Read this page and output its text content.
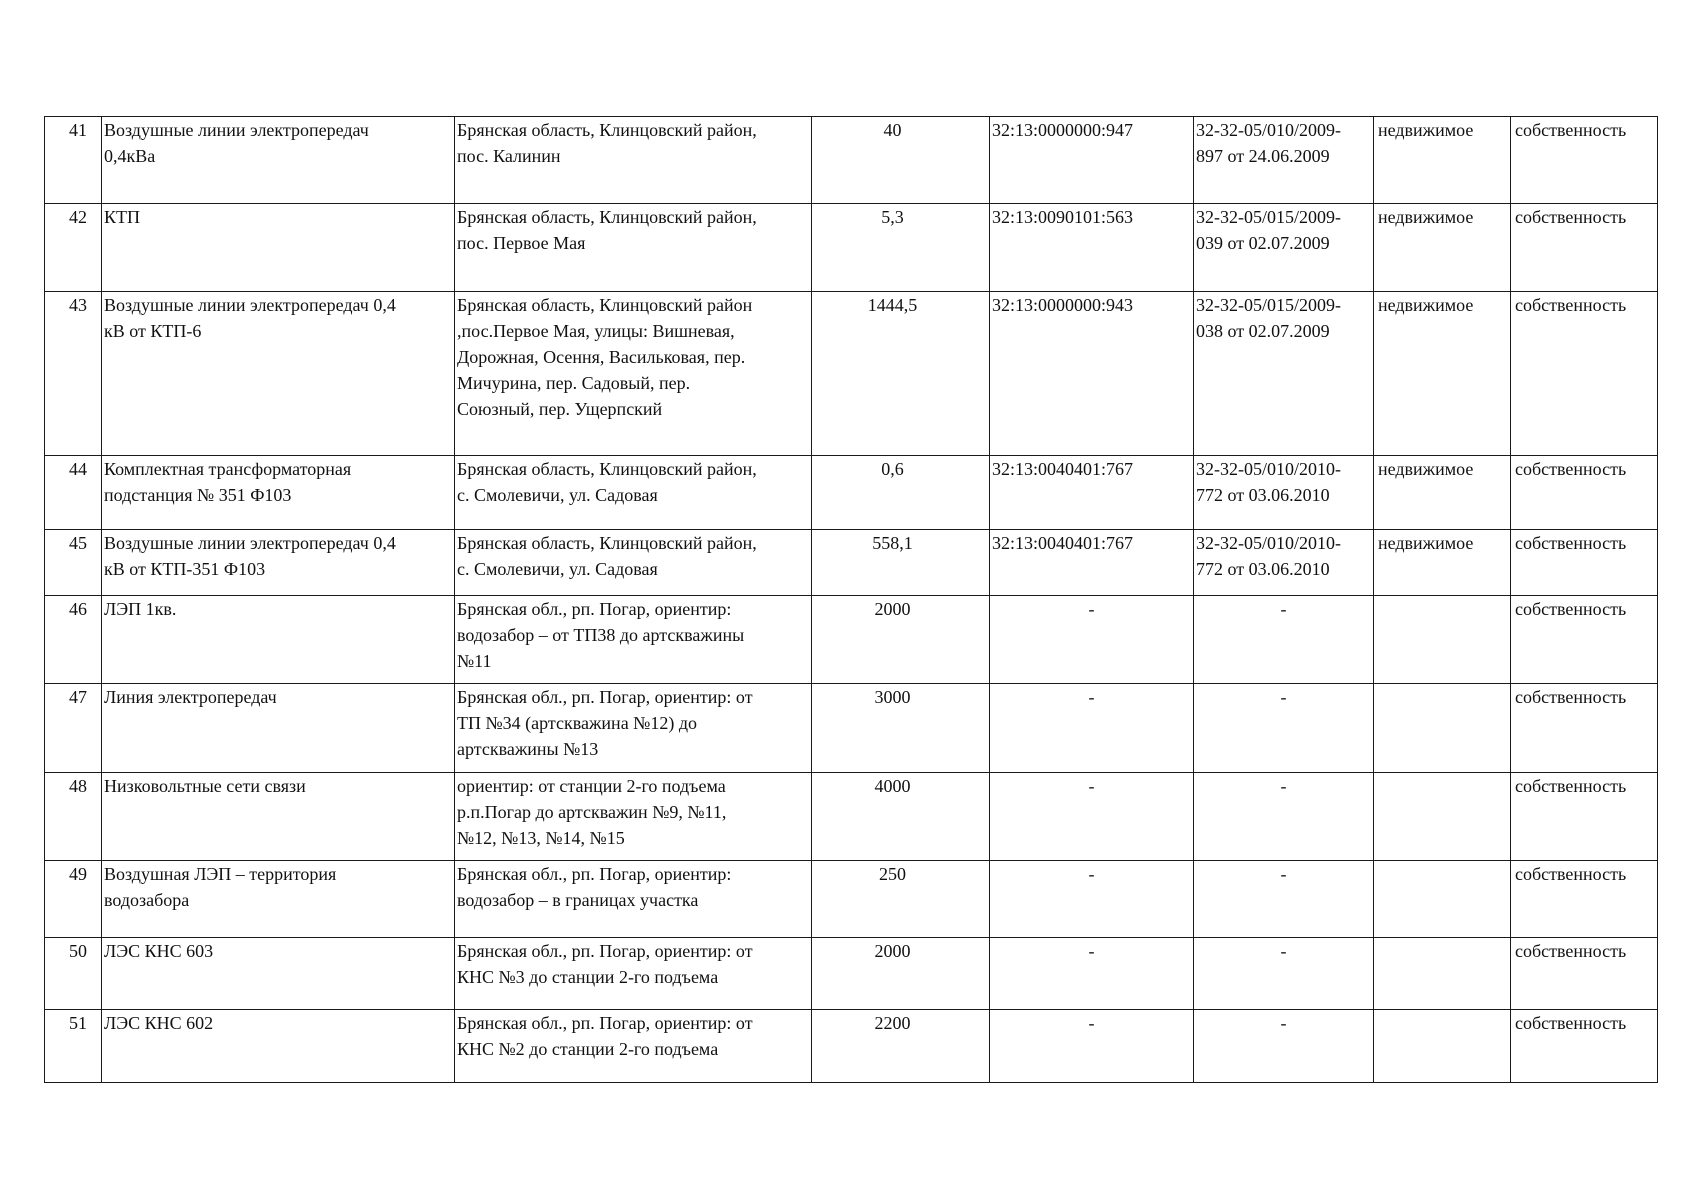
41	Воздушные линии электропередач
0,4кВа	Брянская область, Клинцовский район,
пос. Калинин	40	32:13:0000000:947	32-32-05/010/2009-
897 от 24.06.2009	недвижимое	собственность
42	КТП	Брянская область, Клинцовский район,
пос. Первое Мая	5,3	32:13:0090101:563	32-32-05/015/2009-
039 от 02.07.2009	недвижимое	собственность
43	Воздушные линии электропередач 0,4
кВ от КТП-6	Брянская область, Клинцовский район
,пос.Первое Мая, улицы: Вишневая,
Дорожная, Осення, Васильковая, пер.
Мичурина, пер. Садовый, пер.
Союзный, пер. Ущерпский	1444,5	32:13:0000000:943	32-32-05/015/2009-
038 от 02.07.2009	недвижимое	собственность
44	Комплектная трансформаторная
подстанция № 351 Ф103	Брянская область, Клинцовский район,
с. Смолевичи, ул. Садовая	0,6	32:13:0040401:767	32-32-05/010/2010-
772 от 03.06.2010	недвижимое	собственность
45	Воздушные линии электропередач 0,4
кВ от КТП-351 Ф103	Брянская область, Клинцовский район,
с. Смолевичи, ул. Садовая	558,1	32:13:0040401:767	32-32-05/010/2010-
772 от 03.06.2010	недвижимое	собственность
46	ЛЭП 1кв.	Брянская обл., рп. Погар, ориентир:
водозабор – от ТП38 до артскважины
№11	2000	-	-		собственность
47	Линия электропередач	Брянская обл., рп. Погар, ориентир: от
ТП №34 (артскважина №12) до
артскважины №13	3000	-	-		собственность
48	Низковольтные сети связи	ориентир: от станции 2-го подъема
р.п.Погар до артскважин №9, №11,
№12, №13, №14, №15	4000	-	-		собственность
49	Воздушная ЛЭП – территория
водозабора	Брянская обл., рп. Погар, ориентир:
водозабор – в границах участка	250	-	-		собственность
50	ЛЭС КНС 603	Брянская обл., рп. Погар, ориентир: от
КНС №3 до станции 2-го подъема	2000	-	-		собственность
51	ЛЭС КНС 602	Брянская обл., рп. Погар, ориентир: от
КНС №2 до станции 2-го подъема	2200	-	-		собственность
